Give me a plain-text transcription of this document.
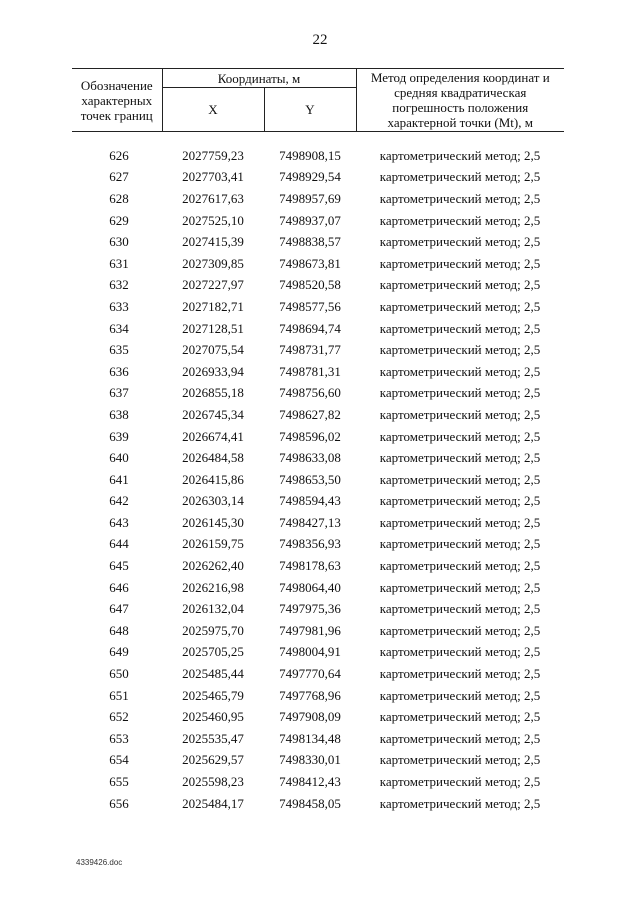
22
Обозначение характерных точек границ	Координаты, м		Метод определения координат и средняя квадратическая погрешность положения характерной точки (Mt), м
	X	Y	

626	2027759,23	7498908,15	картометрический метод; 2,5
627	2027703,41	7498929,54	картометрический метод; 2,5
628	2027617,63	7498957,69	картометрический метод; 2,5
629	2027525,10	7498937,07	картометрический метод; 2,5
630	2027415,39	7498838,57	картометрический метод; 2,5
631	2027309,85	7498673,81	картометрический метод; 2,5
632	2027227,97	7498520,58	картометрический метод; 2,5
633	2027182,71	7498577,56	картометрический метод; 2,5
634	2027128,51	7498694,74	картометрический метод; 2,5
635	2027075,54	7498731,77	картометрический метод; 2,5
636	2026933,94	7498781,31	картометрический метод; 2,5
637	2026855,18	7498756,60	картометрический метод; 2,5
638	2026745,34	7498627,82	картометрический метод; 2,5
639	2026674,41	7498596,02	картометрический метод; 2,5
640	2026484,58	7498633,08	картометрический метод; 2,5
641	2026415,86	7498653,50	картометрический метод; 2,5
642	2026303,14	7498594,43	картометрический метод; 2,5
643	2026145,30	7498427,13	картометрический метод; 2,5
644	2026159,75	7498356,93	картометрический метод; 2,5
645	2026262,40	7498178,63	картометрический метод; 2,5
646	2026216,98	7498064,40	картометрический метод; 2,5
647	2026132,04	7497975,36	картометрический метод; 2,5
648	2025975,70	7497981,96	картометрический метод; 2,5
649	2025705,25	7498004,91	картометрический метод; 2,5
650	2025485,44	7497770,64	картометрический метод; 2,5
651	2025465,79	7497768,96	картометрический метод; 2,5
652	2025460,95	7497908,09	картометрический метод; 2,5
653	2025535,47	7498134,48	картометрический метод; 2,5
654	2025629,57	7498330,01	картометрический метод; 2,5
655	2025598,23	7498412,43	картометрический метод; 2,5
656	2025484,17	7498458,05	картометрический метод; 2,5
4339426.doc
